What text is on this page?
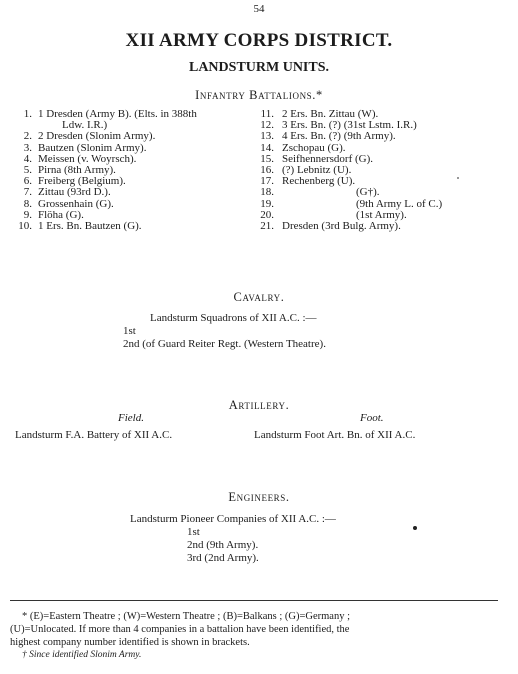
54
XII ARMY CORPS DISTRICT.
LANDSTURM UNITS.
Infantry Battalions.*
1. 1 Dresden (Army B). (Elts. in 388th
Ldw. I.R.)
2. 2 Dresden (Slonim Army).
3. Bautzen (Slonim Army).
4. Meissen (v. Woyrsch).
5. Pirna (8th Army).
6. Freiberg (Belgium).
7. Zittau (93rd D.).
8. Grossenhain (G).
9. Flöha (G).
10. 1 Ers. Bn. Bautzen (G).
11. 2 Ers. Bn. Zittau (W).
12. 3 Ers. Bn. (?) (31st Lstm. I.R.)
13. 4 Ers. Bn. (?) (9th Army).
14. Zschopau (G).
15. Seifhennersdorf (G).
16. (?) Lebnitz (U).
17. Rechenberg (U).
18.	(G†).
19.	(9th Army L. of C.)
20.	(1st Army).
21. Dresden (3rd Bulg. Army).
Cavalry.
Landsturm Squadrons of XII A.C. :—
1st
2nd (of Guard Reiter Regt. (Western Theatre).
Artillery.
Field.	Foot.
Landsturm F.A. Battery of XII A.C.	Landsturm Foot Art. Bn. of XII A.C.
Engineers.
Landsturm Pioneer Companies of XII A.C. :—
1st
2nd (9th Army).
3rd (2nd Army).
* (E)=Eastern Theatre ; (W)=Western Theatre ; (B)=Balkans ; (G)=Germany ;
(U)=Unlocated. If more than 4 companies in a battalion have been identified, the
highest company number identified is shown in brackets.
† Since identified Slonim Army.
